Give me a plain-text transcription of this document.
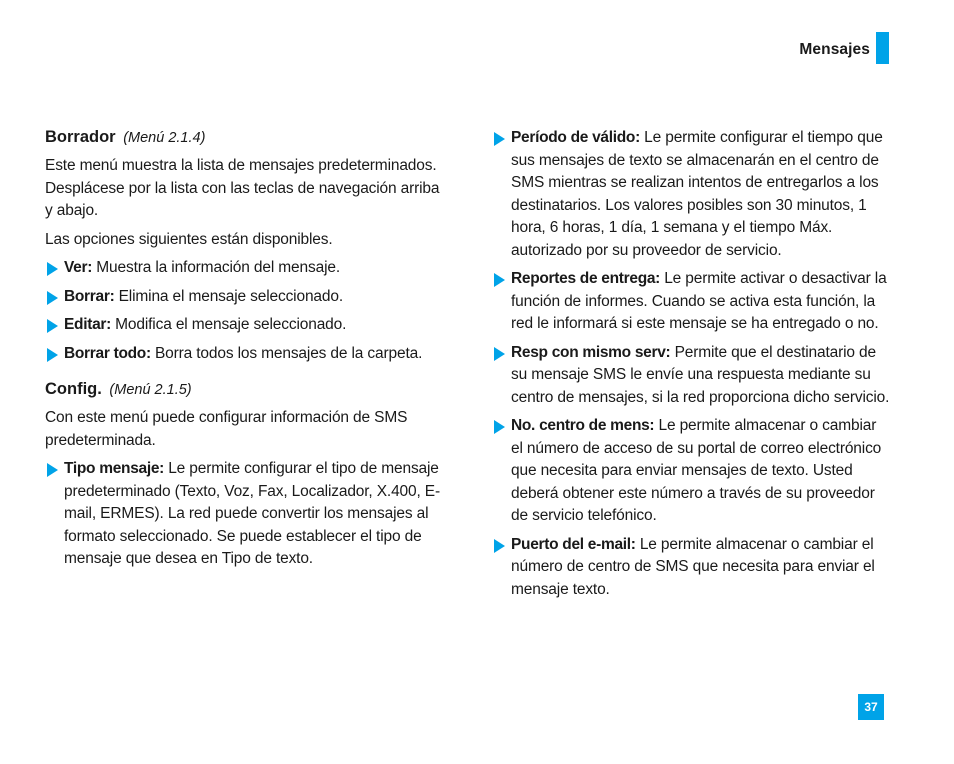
Mensajes
Borrador (Menú 2.1.4)

Este menú muestra la lista de mensajes predeterminados. Desplácese por la lista con las teclas de navegación arriba y abajo.

Las opciones siguientes están disponibles.

Ver: Muestra la información del mensaje.
Borrar: Elimina el mensaje seleccionado.
Editar: Modifica el mensaje seleccionado.
Borrar todo: Borra todos los mensajes de la carpeta.
Config. (Menú 2.1.5)

Con este menú puede configurar información de SMS predeterminada.

Tipo mensaje: Le permite configurar el tipo de mensaje predeterminado (Texto, Voz, Fax, Localizador, X.400, E-mail, ERMES). La red puede convertir los mensajes al formato seleccionado. Se puede establecer el tipo de mensaje que desea en Tipo de texto.
Período de válido: Le permite configurar el tiempo que sus mensajes de texto se almacenarán en el centro de SMS mientras se realizan intentos de entregarlos a los destinatarios. Los valores posibles son 30 minutos, 1 hora, 6 horas, 1 día, 1 semana y el tiempo Máx. autorizado por su proveedor de servicio.
Reportes de entrega: Le permite activar o desactivar la función de informes. Cuando se activa esta función, la red le informará si este mensaje se ha entregado o no.
Resp con mismo serv: Permite que el destinatario de su mensaje SMS le envíe una respuesta mediante su centro de mensajes, si la red proporciona dicho servicio.
No. centro de mens: Le permite almacenar o cambiar el número de acceso de su portal de correo electrónico que necesita para enviar mensajes de texto. Usted deberá obtener este número a través de su proveedor de servicio telefónico.
Puerto del e-mail: Le permite almacenar o cambiar el número de centro de SMS que necesita para enviar el mensaje texto.
37
